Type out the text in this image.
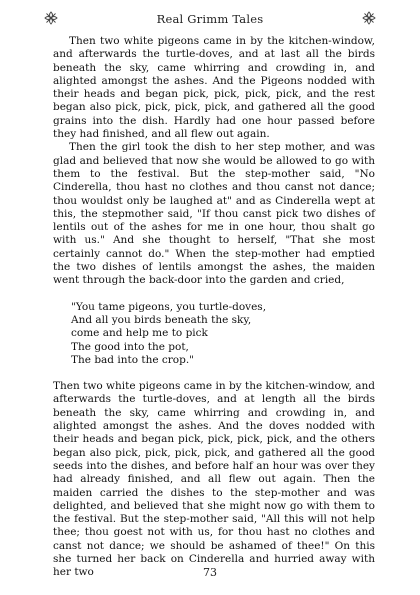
Real Grimm Tales

Then two white pigeons came in by the kitchen-window, and afterwards the turtle-doves, and at last all the birds beneath the sky, came whirring and crowding in, and alighted amongst the ashes. And the Pigeons nodded with their heads and began pick, pick, pick, pick, and the rest began also pick, pick, pick, pick, and gathered all the good grains into the dish. Hardly had one hour passed before they had finished, and all flew out again.

Then the girl took the dish to her step mother, and was glad and believed that now she would be allowed to go with them to the festival. But the step-mother said, "No Cinderella, thou hast no clothes and thou canst not dance; thou wouldst only be laughed at" and as Cinderella wept at this, the stepmother said, "If thou canst pick two dishes of lentils out of the ashes for me in one hour, thou shalt go with us." And she thought to herself, "That she most certainly cannot do." When the step-mother had emptied the two dishes of lentils amongst the ashes, the maiden went through the back-door into the garden and cried,

"You tame pigeons, you turtle-doves,
And all you birds beneath the sky,
come and help me to pick
The good into the pot,
The bad into the crop."

Then two white pigeons came in by the kitchen-window, and afterwards the turtle-doves, and at length all the birds beneath the sky, came whirring and crowding in, and alighted amongst the ashes. And the doves nodded with their heads and began pick, pick, pick, pick, and the others began also pick, pick, pick, pick, and gathered all the good seeds into the dishes, and before half an hour was over they had already finished, and all flew out again. Then the maiden carried the dishes to the step-mother and was delighted, and believed that she might now go with them to the festival. But the step-mother said, "All this will not help thee; thou goest not with us, for thou hast no clothes and canst not dance; we should be ashamed of thee!" On this she turned her back on Cinderella and hurried away with her two	73
